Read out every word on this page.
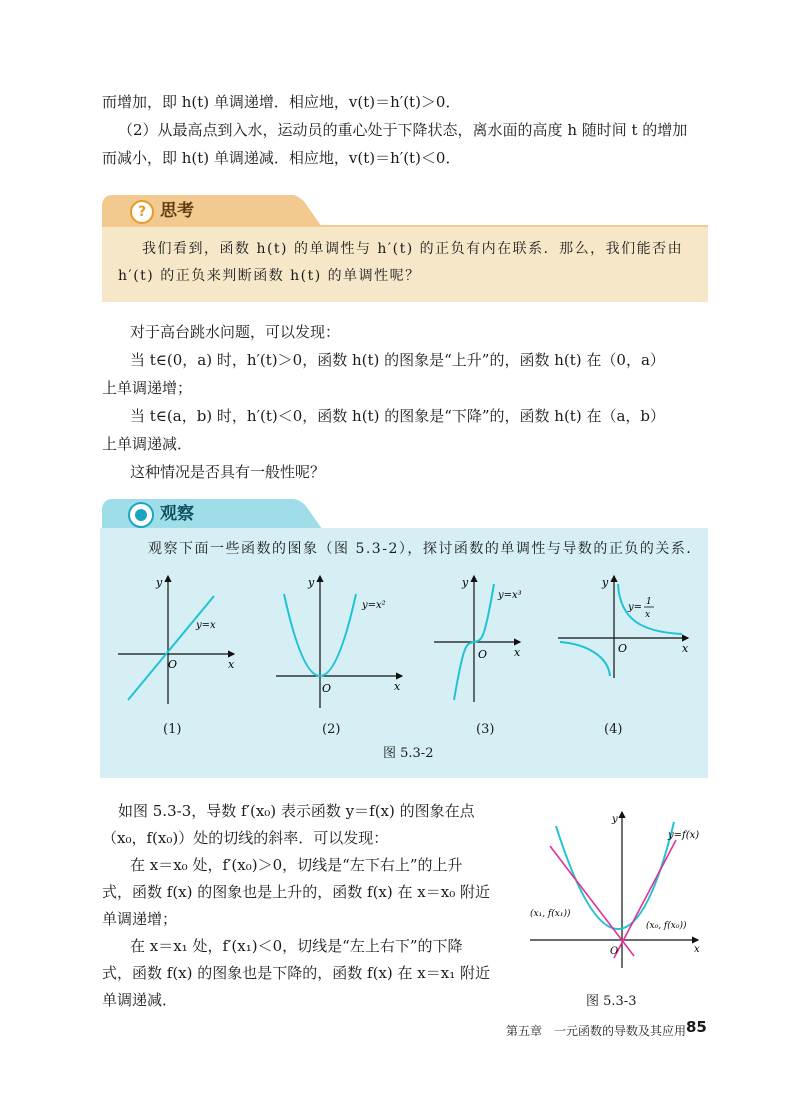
而增加，即 h(t) 单调递增．相应地，v(t)＝h′(t)＞0．
（2）从最高点到入水，运动员的重心处于下降状态，离水面的高度 h 随时间 t 的增加
而减小，即 h(t) 单调递减．相应地，v(t)＝h′(t)＜0．
? 思考
我们看到，函数 h(t) 的单调性与 h′(t) 的正负有内在联系．那么，我们能否由
h′(t) 的正负来判断函数 h(t) 的单调性呢？
对于高台跳水问题，可以发现：
当 t∈(0，a) 时，h′(t)＞0，函数 h(t) 的图象是“上升”的，函数 h(t) 在（0，a）
上单调递增；
当 t∈(a，b) 时，h′(t)＜0，函数 h(t) 的图象是“下降”的，函数 h(t) 在（a，b）
上单调递减．
这种情况是否具有一般性呢？
观察
观察下面一些函数的图象（图 5.3-2），探讨函数的单调性与导数的正负的关系．
y
x
O
y=x
(1)
y
x
O
y=x²
(2)
y
x
O
y=x³
(3)
y
x
O
y= 1
x
(4)
图 5.3-2
如图 5.3-3，导数 f′(x₀) 表示函数 y＝f(x) 的图象在点
（x₀，f(x₀)）处的切线的斜率．可以发现：
在 x＝x₀ 处，f′(x₀)＞0，切线是“左下右上”的上升
式，函数 f(x) 的图象也是上升的，函数 f(x) 在 x＝x₀ 附近
单调递增；
在 x＝x₁ 处，f′(x₁)＜0，切线是“左上右下”的下降
式，函数 f(x) 的图象也是下降的，函数 f(x) 在 x＝x₁ 附近
单调递减．
y
x
O
y=f(x)
(x₁, f(x₁))
(x₀, f(x₀))
图 5.3-3
第五章　一元函数的导数及其应用 85
